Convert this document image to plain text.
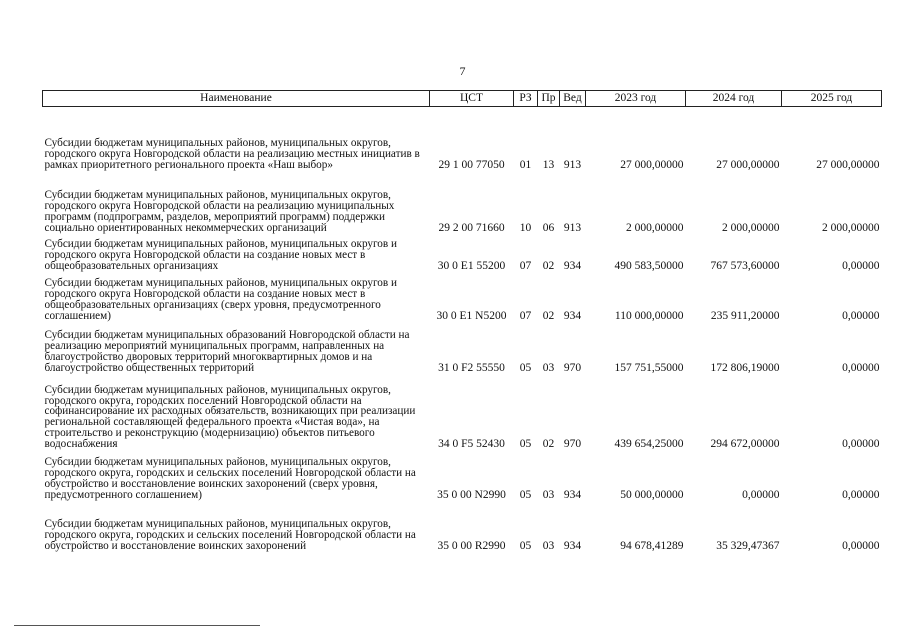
7
Наименование	ЦСТ	РЗ	Пр	Вед	2023 год	2024 год	2025 год
Субсидии бюджетам муниципальных районов, муниципальных округов, городского округа Новгородской области на реализацию местных инициатив в рамках приоритетного регионального проекта «Наш выбор»	29 1 00 77050	01	13	913	27 000,00000	27 000,00000	27 000,00000
Субсидии бюджетам муниципальных районов, муниципальных округов, городского округа Новгородской области на реализацию муниципальных программ (подпрограмм, разделов, мероприятий программ) поддержки социально ориентированных некоммерческих организаций	29 2 00 71660	10	06	913	2 000,00000	2 000,00000	2 000,00000
Субсидии бюджетам муниципальных районов, муниципальных округов и городского округа Новгородской области на создание новых мест в общеобразовательных организациях	30 0 E1 55200	07	02	934	490 583,50000	767 573,60000	0,00000
Субсидии бюджетам муниципальных районов, муниципальных округов и городского округа Новгородской области на создание новых мест в общеобразовательных организациях (сверх уровня, предусмотренного соглашением)	30 0 E1 N5200	07	02	934	110 000,00000	235 911,20000	0,00000
Субсидии бюджетам муниципальных образований Новгородской области на реализацию мероприятий муниципальных программ, направленных на благоустройство дворовых территорий многоквартирных домов и на благоустройство общественных территорий	31 0 F2 55550	05	03	970	157 751,55000	172 806,19000	0,00000
Субсидии бюджетам муниципальных районов, муниципальных округов, городского округа, городских поселений Новгородской области на софинансирование их расходных обязательств, возникающих при реализации региональной составляющей федерального проекта «Чистая вода», на строительство и реконструкцию (модернизацию) объектов питьевого водоснабжения	34 0 F5 52430	05	02	970	439 654,25000	294 672,00000	0,00000
Субсидии бюджетам муниципальных районов, муниципальных округов, городского округа, городских и сельских поселений Новгородской области на обустройство и восстановление воинских захоронений (сверх уровня, предусмотренного соглашением)	35 0 00 N2990	05	03	934	50 000,00000	0,00000	0,00000
Субсидии бюджетам муниципальных районов, муниципальных округов, городского округа, городских и сельских поселений Новгородской области на обустройство и восстановление воинских захоронений	35 0 00 R2990	05	03	934	94 678,41289	35 329,47367	0,00000
